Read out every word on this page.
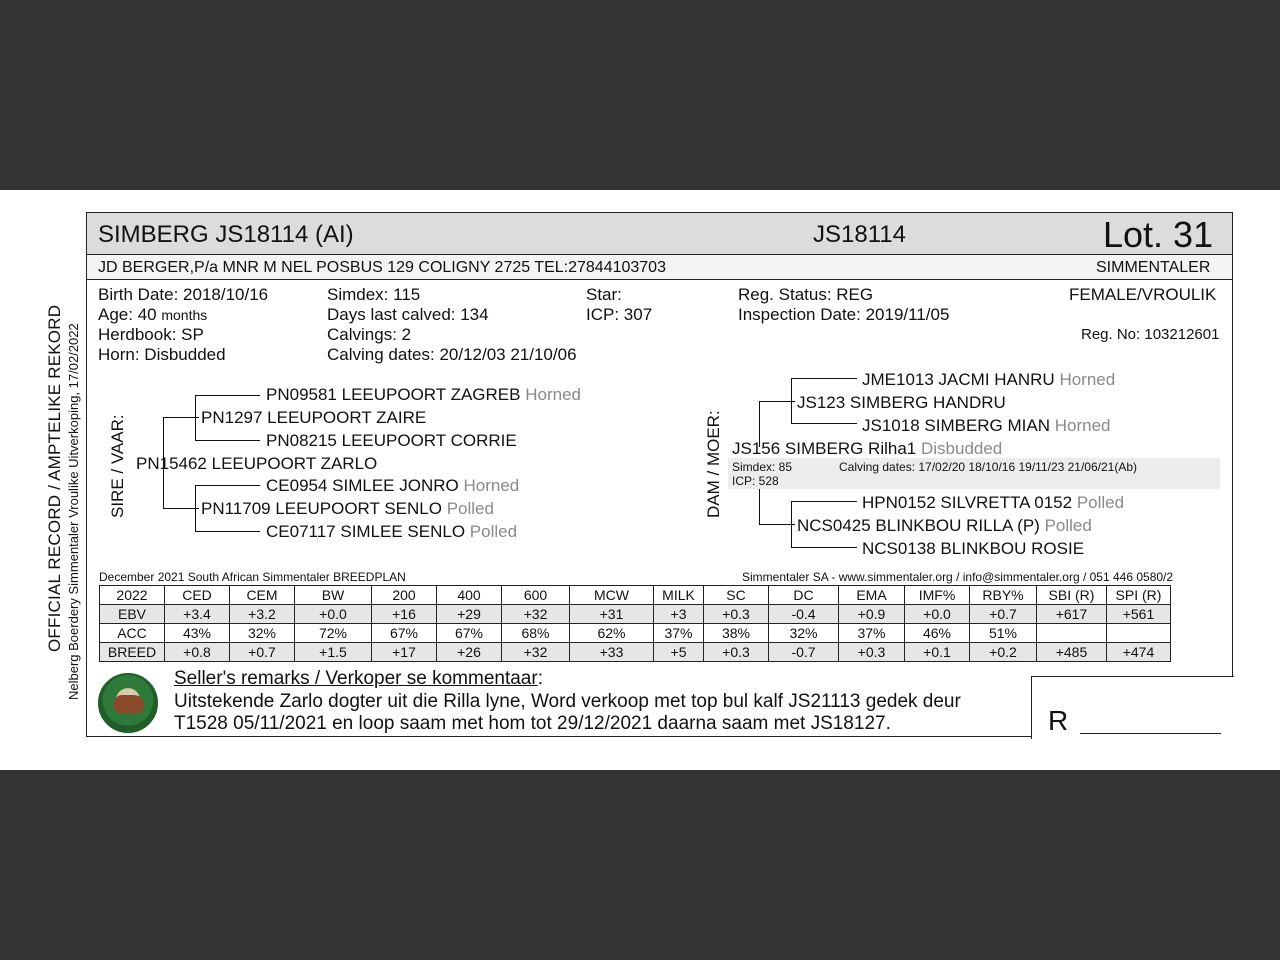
OFFICIAL RECORD / AMPTELIKE REKORD Nelberg Boerdery Simmentaler Vroulike Uitverkoping, 17/02/2022
SIMBERG JS18114 (AI)	JS18114	Lot. 31
JD BERGER,P/a MNR M NEL POSBUS 129 COLIGNY 2725 TEL:27844103703	SIMMENTALER
Birth Date: 2018/10/16
Age: 40 months
Herdbook: SP
Horn: Disbudded
Simdex: 115
Days last calved: 134
Calvings: 2
Calving dates: 20/12/03 21/10/06
Star:
ICP: 307
Reg. Status: REG
Inspection Date: 2019/11/05
FEMALE/VROULIK
Reg. No: 103212601
SIRE / VAAR:
PN09581 LEEUPOORT ZAGREB Horned
PN1297 LEEUPOORT ZAIRE
PN08215 LEEUPOORT CORRIE
PN15462 LEEUPOORT ZARLO
CE0954 SIMLEE JONRO Horned
PN11709 LEEUPOORT SENLO Polled
CE07117 SIMLEE SENLO Polled
DAM / MOER:
JME1013 JACMI HANRU Horned
JS123 SIMBERG HANDRU
JS1018 SIMBERG MIAN Horned
JS156 SIMBERG Rilha1 Disbudded
Simdex: 85
ICP: 528
Calving dates: 17/02/20 18/10/16 19/11/23 21/06/21(Ab)
HPN0152 SILVRETTA 0152 Polled
NCS0425 BLINKBOU RILLA (P) Polled
NCS0138 BLINKBOU ROSIE
December 2021 South African Simmentaler BREEDPLAN	Simmentaler SA - www.simmentaler.org / info@simmentaler.org / 051 446 0580/2
2022	CED	CEM	BW	200	400	600	MCW	MILK	SC	DC	EMA	IMF%	RBY%	SBI (R)	SPI (R)
EBV	+3.4	+3.2	+0.0	+16	+29	+32	+31	+3	+0.3	-0.4	+0.9	+0.0	+0.7	+617	+561
ACC	43%	32%	72%	67%	67%	68%	62%	37%	38%	32%	37%	46%	51%		
BREED	+0.8	+0.7	+1.5	+17	+26	+32	+33	+5	+0.3	-0.7	+0.3	+0.1	+0.2	+485	+474
Seller's remarks / Verkoper se kommentaar:
Uitstekende Zarlo dogter uit die Rilla lyne, Word verkoop met top bul kalf JS21113 gedek deur
T1528 05/11/2021 en loop saam met hom tot 29/12/2021 daarna saam met JS18127.	R
